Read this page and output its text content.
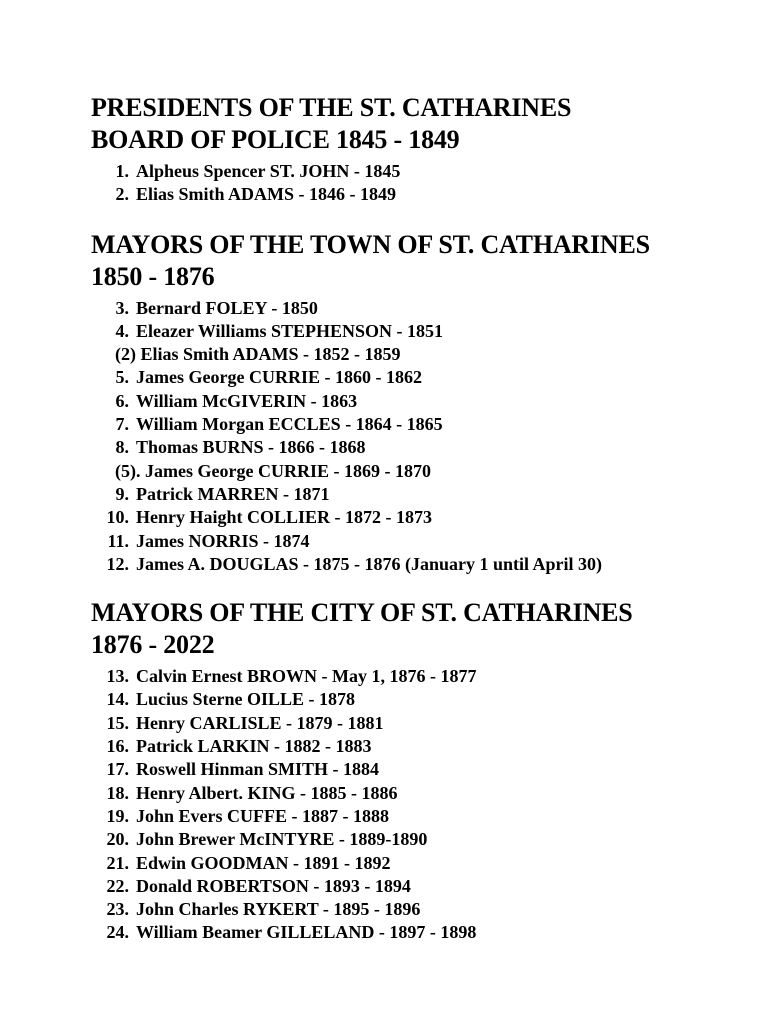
PRESIDENTS OF THE ST. CATHARINES
BOARD OF POLICE 1845 - 1849
1. Alpheus Spencer ST. JOHN - 1845
2. Elias Smith ADAMS - 1846 - 1849
MAYORS OF THE TOWN OF ST. CATHARINES
1850 - 1876
3. Bernard FOLEY - 1850
4. Eleazer Williams STEPHENSON - 1851
(2) Elias Smith ADAMS - 1852 - 1859
5. James George CURRIE - 1860 - 1862
6. William McGIVERIN - 1863
7. William Morgan ECCLES - 1864 - 1865
8. Thomas BURNS - 1866 - 1868
(5). James George CURRIE - 1869 - 1870
9. Patrick MARREN - 1871
10. Henry Haight COLLIER - 1872 - 1873
11. James NORRIS - 1874
12. James A. DOUGLAS - 1875 - 1876 (January 1 until April 30)
MAYORS OF THE CITY OF ST. CATHARINES
1876 - 2022
13. Calvin Ernest BROWN - May 1, 1876 - 1877
14. Lucius Sterne OILLE - 1878
15. Henry CARLISLE - 1879 - 1881
16. Patrick LARKIN - 1882 - 1883
17. Roswell Hinman SMITH - 1884
18. Henry Albert. KING - 1885 - 1886
19. John Evers CUFFE - 1887 - 1888
20. John Brewer McINTYRE - 1889-1890
21. Edwin GOODMAN - 1891 - 1892
22. Donald ROBERTSON - 1893 - 1894
23. John Charles RYKERT - 1895 - 1896
24. William Beamer GILLELAND - 1897 - 1898
